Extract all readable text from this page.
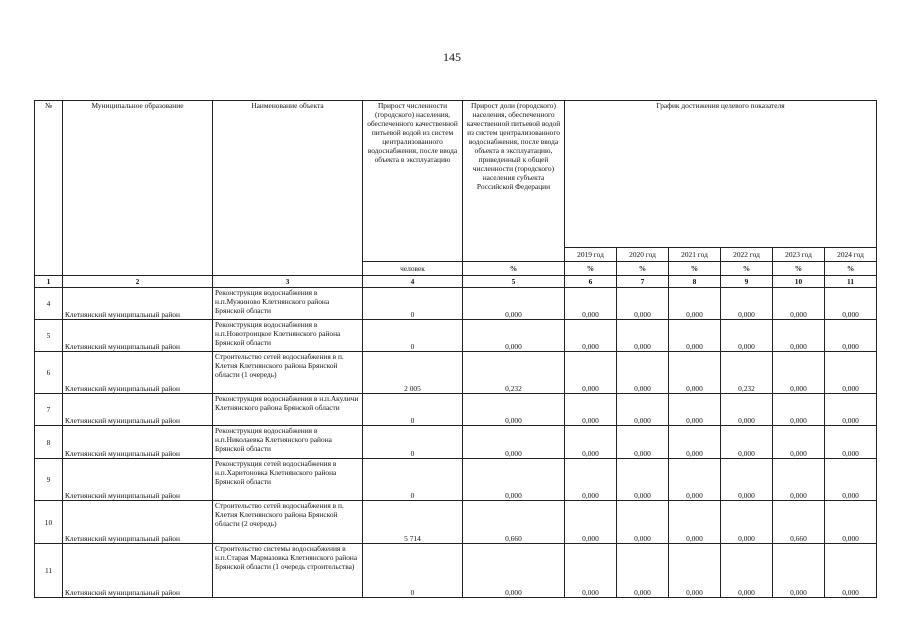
145
№	Муниципальное образование	Наименование объекта	Прирост численности (городского) населения, обеспеченного качественной питьевой водой из систем централизованного водоснабжения, после ввода объекта в эксплуатацию	Прирост доли (городского) населения, обеспеченного качественной питьевой водой из систем централизованного водоснабжения, после ввода объекта в эксплуатацию, приведенный к общей численности (городского) населения субъекта Российской Федерации	График достижения целевого показателя					
					2019 год	2020 год	2021 год	2022 год	2023 год	2024 год
			человек	%	%	%	%	%	%	%
1	2	3	4	5	6	7	8	9	10	11
4	Клетнянский муниципальный район	Реконструкция водоснабжения в н.п.Мужиново Клетнянского района Брянской области	0	0,000	0,000	0,000	0,000	0,000	0,000	0,000
5	Клетнянский муниципальный район	Реконструкция водоснабжения в н.п.Новотроицкое Клетнянского района Брянской области	0	0,000	0,000	0,000	0,000	0,000	0,000	0,000
6	Клетнянский муниципальный район	Строительство сетей водоснабжения в п. Клетня Клетнянского района Брянской области (1 очередь)	2 005	0,232	0,000	0,000	0,000	0,232	0,000	0,000
7	Клетнянский муниципальный район	Реконструкция водоснабжения в н.п.Акуличи Клетнянского района Брянской области	0	0,000	0,000	0,000	0,000	0,000	0,000	0,000
8	Клетнянский муниципальный район	Реконструкция водоснабжения в н.п.Николаевка Клетнянского района Брянской области	0	0,000	0,000	0,000	0,000	0,000	0,000	0,000
9	Клетнянский муниципальный район	Реконструкция сетей водоснабжения в н.п.Харитоновка Клетнянского района Брянской области	0	0,000	0,000	0,000	0,000	0,000	0,000	0,000
10	Клетнянский муниципальный район	Строительство сетей водоснабжения в п. Клетня Клетнянского района Брянской области (2 очередь)	5 714	0,660	0,000	0,000	0,000	0,000	0,660	0,000
11	Клетнянский муниципальный район	Строительство системы водоснабжения в н.п.Старая Мармазовка Клетнянского района Брянской области (1 очередь строительства)	0	0,000	0,000	0,000	0,000	0,000	0,000	0,000
